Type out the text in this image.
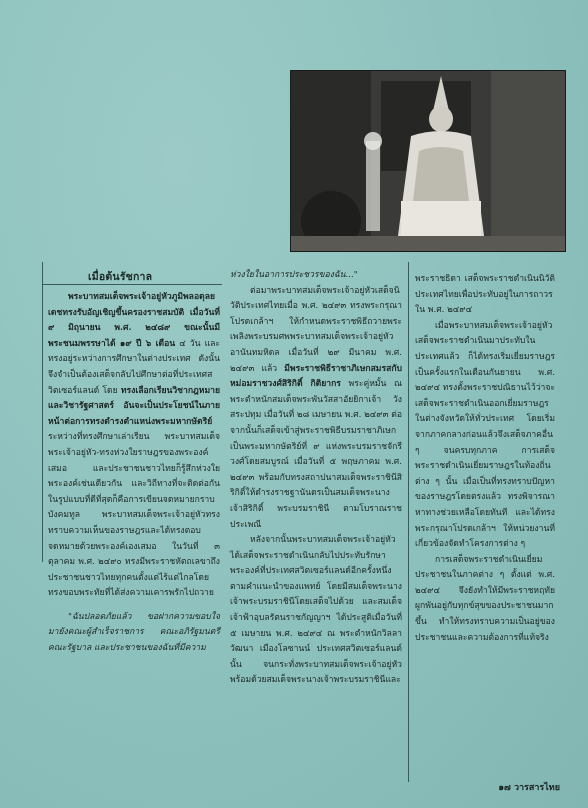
เมื่อต้นรัชกาล

พระบาทสมเด็จพระเจ้าอยู่หัวภูมิพลอดุลยเดชทรงรับอัญเชิญขึ้นครองราชสมบัติ เมื่อวันที่ ๙ มิถุนายน พ.ศ. ๒๔๘๙ ขณะนั้นมีพระชนมพรรษาได้ ๑๙ ปี ๖ เดือน ๔ วัน และทรงอยู่ระหว่างการศึกษาในต่างประเทศ ดังนั้นจึงจำเป็นต้องเสด็จกลับไปศึกษาต่อที่ประเทศสวิตเซอร์แลนด์ โดย ทรงเลือกเรียนวิชากฎหมายและวิชารัฐศาสตร์ อันจะเป็นประโยชน์ในภายหน้าต่อการทรงดำรงตำแหน่งพระมหากษัตริย์ ระหว่างที่ทรงศึกษาเล่าเรียน พระบาทสมเด็จพระเจ้าอยู่หัว-ทรงห่วงใยราษฎรของพระองค์เสมอ และประชาชนชาวไทยก็รู้สึกห่วงใยพระองค์เช่นเดียวกัน และวิถีทางที่จะติดต่อกันในรูปแบบที่ดีที่สุดก็คือการเขียนจดหมายกราบบังคมทูล พระบาทสมเด็จพระเจ้าอยู่หัวทรงทราบความเห็นของราษฎรและได้ทรงตอบจดหมายด้วยพระองค์เองเสมอ ในวันที่ ๓ ตุลาคม พ.ศ. ๒๔๙๐ ทรงมีพระราชหัตถเลขาถึงประชาชนชาวไทยทุกคนตั้งแต่ไร้แต่ไกลโดยทรงขอบพระทัยที่ได้ส่งความเคารพรักไปถวาย

"ฉันปลอดภัยแล้ว ขอฝากความขอบใจมายังคณะผู้สำเร็จราชการ คณะอภิรัฐมนตรี คณะรัฐบาล และประชาชนของฉันที่มีความ

ห่วงใยในอาการประชวรของฉัน..."

ต่อมาพระบาทสมเด็จพระเจ้าอยู่หัวเสด็จนิวัติประเทศไทยเมื่อ พ.ศ. ๒๔๙๓ ทรงพระกรุณาโปรดเกล้าฯ ให้กำหนดพระราชพิธีถวายพระเพลิงพระบรมศพพระบาทสมเด็จพระเจ้าอยู่หัวอานันทมหิดล เมื่อวันที่ ๒๙ มีนาคม พ.ศ. ๒๔๙๓ แล้ว มีพระราชพิธีราชาภิเษกสมรสกับหม่อมราชวงศ์สิริกิติ์ กิติยากร พระคู่หมั้น ณ พระตำหนักสมเด็จพระพันวัสสาอัยยิกาเจ้า วังสระปทุม เมื่อวันที่ ๒๘ เมษายน พ.ศ. ๒๔๙๓ ต่อจากนั้นก็เสด็จเข้าสู่พระราชพิธีบรมราชาภิเษก เป็นพระมหากษัตริย์ที่ ๙ แห่งพระบรมราชจักรีวงศ์โดยสมบูรณ์ เมื่อวันที่ ๕ พฤษภาคม พ.ศ. ๒๔๙๓ พร้อมกับทรงสถาปนาสมเด็จพระราชินีสิริกิติ์ให้ดำรงราชฐานันดรเป็นสมเด็จพระนางเจ้าสิริกิติ์ พระบรมราชินี ตามโบราณราชประเพณี

หลังจากนั้นพระบาทสมเด็จพระเจ้าอยู่หัวได้เสด็จพระราชดำเนินกลับไปประทับรักษาพระองค์ที่ประเทศสวิตเซอร์แลนด์อีกครั้งหนึ่งตามคำแนะนำของแพทย์ โดยมีสมเด็จพระนางเจ้าพระบรมราชินีโดยเสด็จไปด้วย และสมเด็จเจ้าฟ้าอุบลรัตนราชกัญญาฯ ได้ประสูติเมื่อวันที่ ๕ เมษายน พ.ศ. ๒๔๙๔ ณ พระตำหนักวิลลาวัฒนา เมืองโลซานน์ ประเทศสวิตเซอร์แลนด์นั้น จนกระทั่งพระบาทสมเด็จพระเจ้าอยู่หัวพร้อมด้วยสมเด็จพระนางเจ้าพระบรมราชินีและ

พระราชธิดา เสด็จพระราชดำเนินนิวัติประเทศไทยเพื่อประทับอยู่ในการถาวร ใน พ.ศ. ๒๔๙๔

เมื่อพระบาทสมเด็จพระเจ้าอยู่หัวเสด็จพระราชดำเนินมาประทับในประเทศแล้ว ก็ได้ทรงเริ่มเยี่ยมราษฎรเป็นครั้งแรกในเดือนกันยายน พ.ศ. ๒๔๙๔ ทรงตั้งพระราชปณิธานไว้ว่าจะเสด็จพระราชดำเนินออกเยี่ยมราษฎรในต่างจังหวัดให้ทั่วประเทศ โดยเริ่มจากภาคกลางก่อนแล้วจึงเสด็จภาคอื่น ๆ จนครบทุกภาค การเสด็จพระราชดำเนินเยี่ยมราษฎรในท้องถิ่นต่าง ๆ นั้น เมื่อเป็นที่ทรงทราบปัญหาของราษฎรโดยตรงแล้ว ทรงพิจารณาหาทางช่วยเหลือโดยทันที และได้ทรงพระกรุณาโปรดเกล้าฯ ให้หน่วยงานที่เกี่ยวข้องจัดทำโครงการต่าง ๆ

การเสด็จพระราชดำเนินเยี่ยมประชาชนในภาคต่าง ๆ ตั้งแต่ พ.ศ. ๒๔๙๔ จึงยังทำให้มีพระราชหฤทัยผูกพันอยู่กับทุกข์สุขของประชาชนมากขึ้น ทำให้ทรงทราบความเป็นอยู่ของประชาชนและความต้องการที่แท้จริง

๑๗ วารสารไทย
